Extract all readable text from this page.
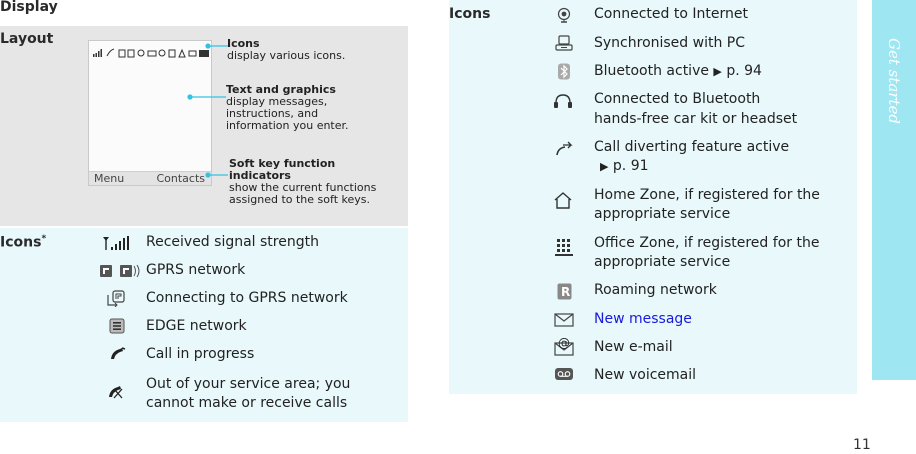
Display
Layout
Menu	Contacts
Icons
display various icons.
Text and graphics
display messages,
instructions, and
information you enter.
Soft key function
indicators
show the current functions
assigned to the soft keys.
Icons*	Received signal strength
GPRS network
Connecting to GPRS network
EDGE network
Call in progress
Out of your service area; you
cannot make or receive calls
Icons	Connected to Internet
Synchronised with PC
Bluetooth active ▶ p. 94
Connected to Bluetooth
hands-free car kit or headset
Call diverting feature active
▶ p. 91
Home Zone, if registered for the
appropriate service
Office Zone, if registered for the
appropriate service
R Roaming network
New message
@ New e-mail
New voicemail
Get started
11
